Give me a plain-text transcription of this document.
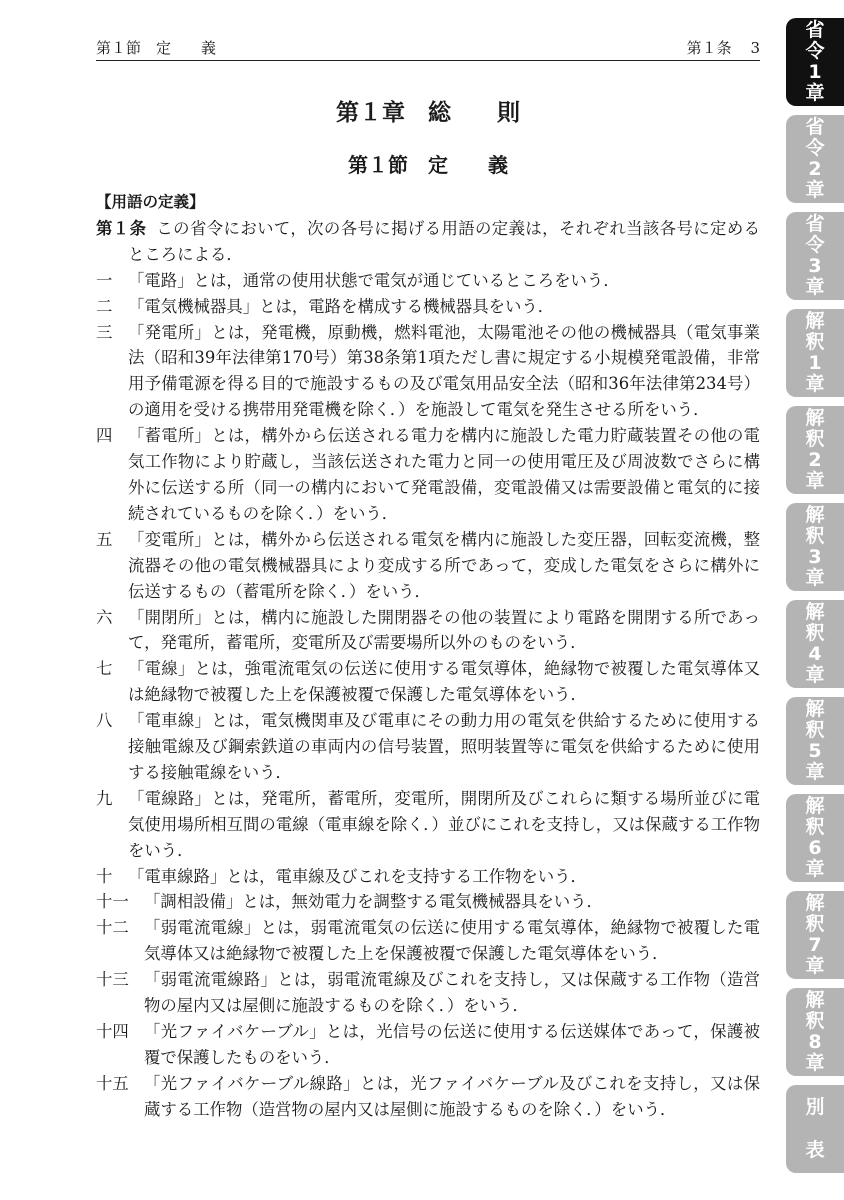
第１節　定　　義	第１条 3
第１章　総　　則
第１節　定　　義
【用語の定義】
第１条 この省令において，次の各号に掲げる用語の定義は，それぞれ当該各号に定めるところによる．
一 「電路」とは，通常の使用状態で電気が通じているところをいう．
二 「電気機械器具」とは，電路を構成する機械器具をいう．
三 「発電所」とは，発電機，原動機，燃料電池，太陽電池その他の機械器具（電気事業法（昭和39年法律第170号）第38条第1項ただし書に規定する小規模発電設備，非常用予備電源を得る目的で施設するもの及び電気用品安全法（昭和36年法律第234号）の適用を受ける携帯用発電機を除く．）を施設して電気を発生させる所をいう．
四 「蓄電所」とは，構外から伝送される電力を構内に施設した電力貯蔵装置その他の電気工作物により貯蔵し，当該伝送された電力と同一の使用電圧及び周波数でさらに構外に伝送する所（同一の構内において発電設備，変電設備又は需要設備と電気的に接続されているものを除く．）をいう．
五 「変電所」とは，構外から伝送される電気を構内に施設した変圧器，回転変流機，整流器その他の電気機械器具により変成する所であって，変成した電気をさらに構外に伝送するもの（蓄電所を除く．）をいう．
六 「開閉所」とは，構内に施設した開閉器その他の装置により電路を開閉する所であって，発電所，蓄電所，変電所及び需要場所以外のものをいう．
七 「電線」とは，強電流電気の伝送に使用する電気導体，絶縁物で被覆した電気導体又は絶縁物で被覆した上を保護被覆で保護した電気導体をいう．
八 「電車線」とは，電気機関車及び電車にその動力用の電気を供給するために使用する接触電線及び鋼索鉄道の車両内の信号装置，照明装置等に電気を供給するために使用する接触電線をいう．
九 「電線路」とは，発電所，蓄電所，変電所，開閉所及びこれらに類する場所並びに電気使用場所相互間の電線（電車線を除く．）並びにこれを支持し，又は保蔵する工作物をいう．
十 「電車線路」とは，電車線及びこれを支持する工作物をいう．
十一 「調相設備」とは，無効電力を調整する電気機械器具をいう．
十二 「弱電流電線」とは，弱電流電気の伝送に使用する電気導体，絶縁物で被覆した電気導体又は絶縁物で被覆した上を保護被覆で保護した電気導体をいう．
十三 「弱電流電線路」とは，弱電流電線及びこれを支持し，又は保蔵する工作物（造営物の屋内又は屋側に施設するものを除く．）をいう．
十四 「光ファイバケーブル」とは，光信号の伝送に使用する伝送媒体であって，保護被覆で保護したものをいう．
十五 「光ファイバケーブル線路」とは，光ファイバケーブル及びこれを支持し，又は保蔵する工作物（造営物の屋内又は屋側に施設するものを除く．）をいう．
省
令
1
章
省
令
2
章
省
令
3
章
解
釈
1
章
解
釈
2
章
解
釈
3
章
解
釈
4
章
解
釈
5
章
解
釈
6
章
解
釈
7
章
解
釈
8
章
別
表
